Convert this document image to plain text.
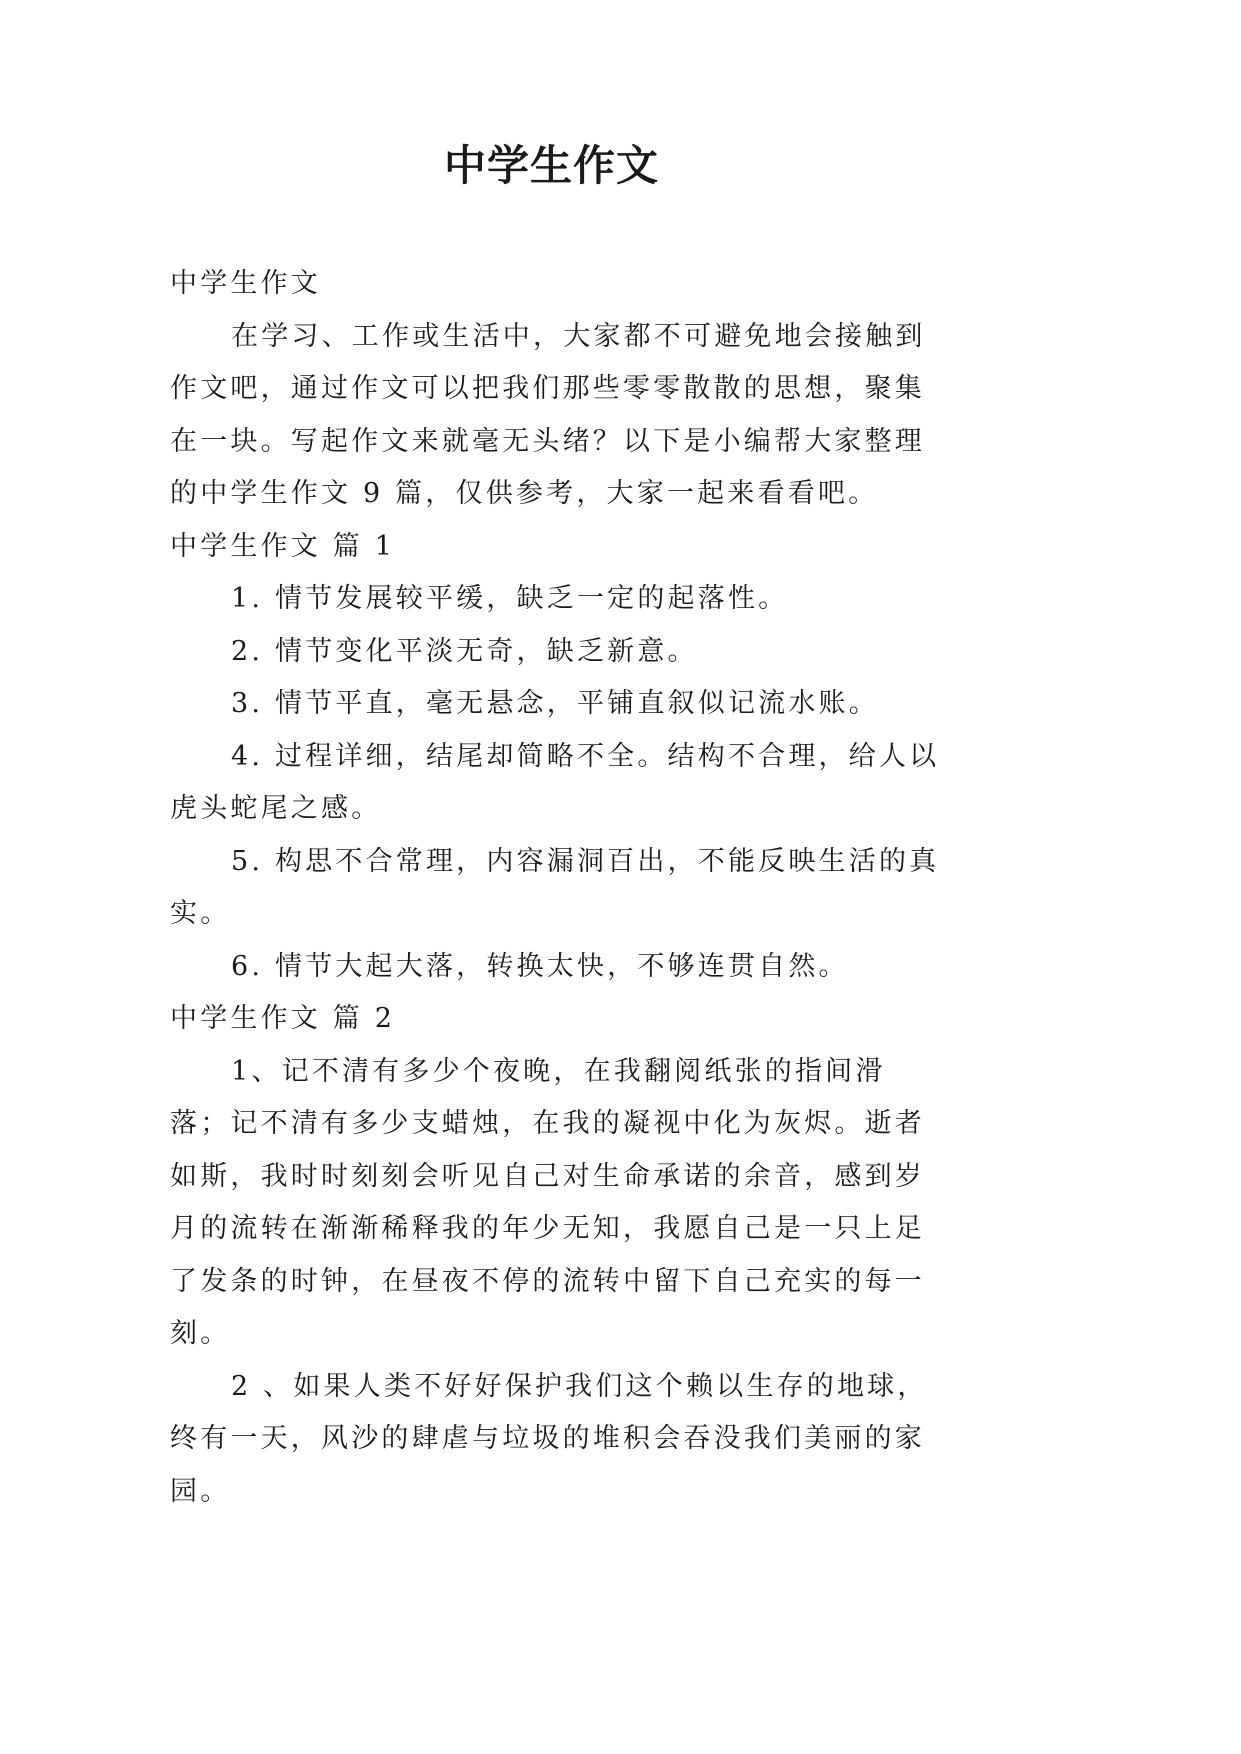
中学生作文

中学生作文

在学习、工作或生活中，大家都不可避免地会接触到作文吧，通过作文可以把我们那些零零散散的思想，聚集在一块。写起作文来就毫无头绪？以下是小编帮大家整理的中学生作文 9 篇，仅供参考，大家一起来看看吧。

中学生作文 篇 1

1. 情节发展较平缓，缺乏一定的起落性。

2. 情节变化平淡无奇，缺乏新意。

3. 情节平直，毫无悬念，平铺直叙似记流水账。

4. 过程详细，结尾却简略不全。结构不合理，给人以虎头蛇尾之感。

5. 构思不合常理，内容漏洞百出，不能反映生活的真实。

6. 情节大起大落，转换太快，不够连贯自然。

中学生作文 篇 2

1、记不清有多少个夜晚，在我翻阅纸张的指间滑落；记不清有多少支蜡烛，在我的凝视中化为灰烬。逝者如斯，我时时刻刻会听见自己对生命承诺的余音，感到岁月的流转在渐渐稀释我的年少无知，我愿自己是一只上足了发条的时钟，在昼夜不停的流转中留下自己充实的每一刻。

2 、如果人类不好好保护我们这个赖以生存的地球，终有一天，风沙的肆虐与垃圾的堆积会吞没我们美丽的家园。
